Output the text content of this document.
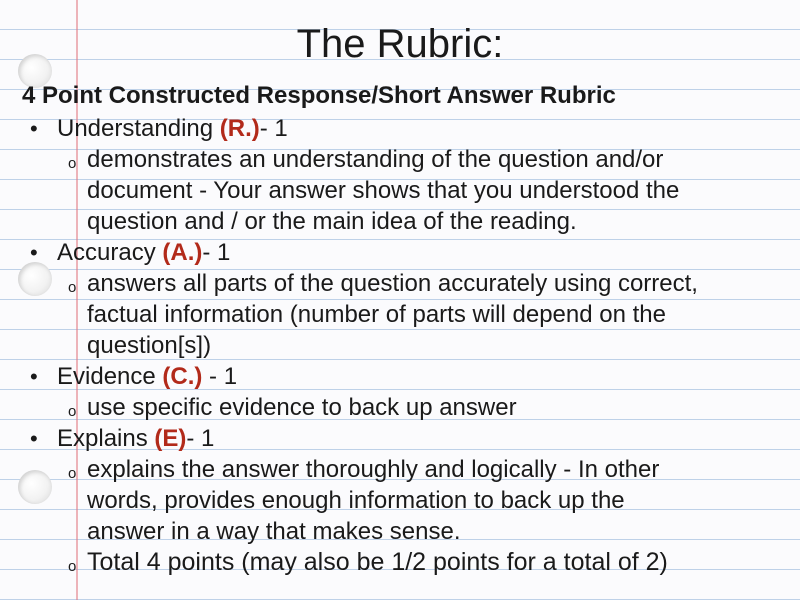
The Rubric:
4 Point Constructed Response/Short Answer Rubric
• Understanding (R.)- 1
o demonstrates an understanding of the question and/or
document - Your answer shows that you understood the
question and / or the main idea of the reading.
• Accuracy (A.)- 1
o answers all parts of the question accurately using correct,
factual information (number of parts will depend on the
question[s])
• Evidence (C.) - 1
o use specific evidence to back up answer
• Explains (E)- 1
o explains the answer thoroughly and logically - In other
words, provides enough information to back up the
answer in a way that makes sense.
o Total 4 points (may also be 1/2 points for a total of 2)
